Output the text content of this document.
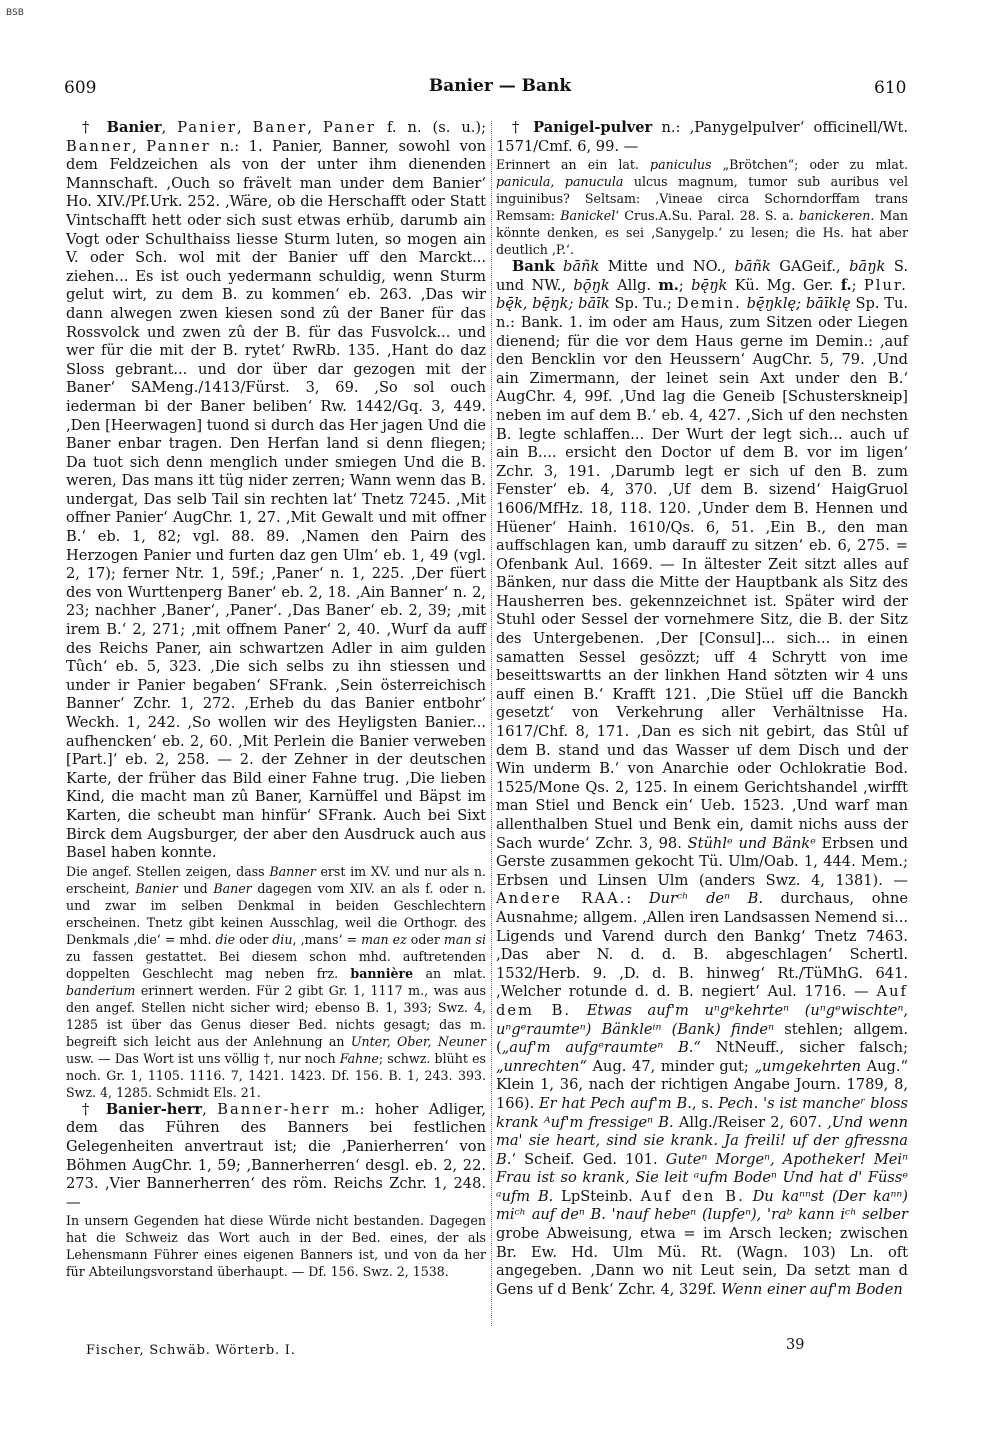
BSB
609	Banier — Bank	610

† Banier, Panier, Baner, Paner f. n. (s. u.); Banner, Panner n.: 1. Panier, Banner, sowohl von dem Feldzeichen als von der unter ihm dienenden Mannschaft. ‚Ouch so frävelt man under dem Banier‘ Ho. XIV./Pf.Urk. 252. ‚Wäre, ob die Herschafft oder Statt Vintschafft hett oder sich sust etwas erhüb, darumb ain Vogt oder Schulthaiss liesse Sturm luten, so mogen ain V. oder Sch. wol mit der Banier uff den Marckt... ziehen... Es ist ouch yedermann schuldig, wenn Sturm gelut wirt, zu dem B. zu kommen‘ eb. 263. ‚Das wir dann alwegen zwen kiesen sond zû der Baner für das Rossvolck und zwen zû der B. für das Fusvolck... und wer für die mit der B. rytet‘ RwRb. 135. ‚Hant do daz Sloss gebrant... und dor über dar gezogen mit der Baner‘ SAMeng./1413/Fürst. 3, 69. ‚So sol ouch iederman bi der Baner beliben‘ Rw. 1442/Gq. 3, 449. ‚Den [Heerwagen] tuond si durch das Her jagen Und die Baner enbar tragen. Den Herfan land si denn fliegen; Da tuot sich denn menglich under smiegen Und die B. weren, Das mans itt tüg nider zerren; Wann wenn das B. undergat, Das selb Tail sin rechten lat‘ Tnetz 7245. ‚Mit offner Panier‘ AugChr. 1, 27. ‚Mit Gewalt und mit offner B.‘ eb. 1, 82; vgl. 88. 89. ‚Namen den Pairn des Herzogen Panier und furten daz gen Ulm‘ eb. 1, 49 (vgl. 2, 17); ferner Ntr. 1, 59f.; ‚Paner‘ n. 1, 225. ‚Der füert des von Wurttenperg Baner‘ eb. 2, 18. ‚Ain Banner‘ n. 2, 23; nachher ‚Baner‘, ‚Paner‘. ‚Das Baner‘ eb. 2, 39; ‚mit irem B.‘ 2, 271; ‚mit offnem Paner‘ 2, 40. ‚Wurf da auff des Reichs Paner, ain schwartzen Adler in aim gulden Tûch‘ eb. 5, 323. ‚Die sich selbs zu ihn stiessen und under ir Panier begaben‘ SFrank. ‚Sein österreichisch Banner‘ Zchr. 1, 272. ‚Erheb du das Banier entbohr‘ Weckh. 1, 242. ‚So wollen wir des Heyligsten Banier... aufhencken‘ eb. 2, 60. ‚Mit Perlein die Banier verweben [Part.]‘ eb. 2, 258. — 2. der Zehner in der deutschen Karte, der früher das Bild einer Fahne trug. ‚Die lieben Kind, die macht man zû Baner, Karnüffel und Bäpst im Karten, die scheubt man hinfür‘ SFrank. Auch bei Sixt Birck dem Augsburger, der aber den Ausdruck auch aus Basel haben konnte.

Die angef. Stellen zeigen, dass Banner erst im XV. und nur als n. erscheint, Banier und Baner dagegen vom XIV. an als f. oder n. und zwar im selben Denkmal in beiden Geschlechtern erscheinen. Tnetz gibt keinen Ausschlag, weil die Orthogr. des Denkmals ‚die‘ = mhd. die oder diu, ‚mans‘ = man ez oder man si zu fassen gestattet. Bei diesem schon mhd. auftretenden doppelten Geschlecht mag neben frz. bannière an mlat. banderium erinnert werden. Für 2 gibt Gr. 1, 1117 m., was aus den angef. Stellen nicht sicher wird; ebenso B. 1, 393; Swz. 4, 1285 ist über das Genus dieser Bed. nichts gesagt; das m. begreift sich leicht aus der Anlehnung an Unter, Ober, Neuner usw. — Das Wort ist uns völlig †, nur noch Fahne; schwz. blüht es noch. Gr. 1, 1105. 1116. 7, 1421. 1423. Df. 156. B. 1, 243. 393. Swz. 4, 1285. Schmidt Els. 21.

† Banier-herr, Banner-herr m.: hoher Adliger, dem das Führen des Banners bei festlichen Gelegenheiten anvertraut ist; die ‚Panierherren‘ von Böhmen AugChr. 1, 59; ‚Bannerherren‘ desgl. eb. 2, 22. 273. ‚Vier Bannerherren‘ des röm. Reichs Zchr. 1, 248. —

In unsern Gegenden hat diese Würde nicht bestanden. Dagegen hat die Schweiz das Wort auch in der Bed. eines, der als Lehensmann Führer eines eigenen Banners ist, und von da her für Abteilungsvorstand überhaupt. — Df. 156. Swz. 2, 1538.

† Panigel-pulver n.: ‚Panygelpulver‘ officinell/Wt. 1571/Cmf. 6, 99. —

Erinnert an ein lat. paniculus „Brötchen“; oder zu mlat. panicula, panucula ulcus magnum, tumor sub auribus vel inguinibus? Seltsam: ‚Vineae circa Schorndorffam trans Remsam: Banickel‘ Crus.A.Su. Paral. 28. S. a. banickeren. Man könnte denken, es sei ‚Sanygelp.‘ zu lesen; die Hs. hat aber deutlich ‚P.‘.

Bank bāñk Mitte und NO., bāñk GAGeif., bāŋk S. und NW., bǭŋk Allg. m.; bę̄ŋk Kü. Mg. Ger. f.; Plur. bę̄k, bę̄ŋk; bāīk Sp. Tu.; Demin. bę̄ŋklę; bāīklę Sp. Tu. n.: Bank. 1. im oder am Haus, zum Sitzen oder Liegen dienend; für die vor dem Haus gerne im Demin.: ‚auf den Bencklin vor den Heussern‘ AugChr. 5, 79. ‚Und ain Zimermann, der leinet sein Axt under den B.‘ AugChr. 4, 99f. ‚Und lag die Geneib [Schusterskneip] neben im auf dem B.‘ eb. 4, 427. ‚Sich uf den nechsten B. legte schlaffen... Der Wurt der legt sich... auch uf ain B.... ersicht den Doctor uf dem B. vor im ligen‘ Zchr. 3, 191. ‚Darumb legt er sich uf den B. zum Fenster‘ eb. 4, 370. ‚Uf dem B. sizend‘ HaigGruol 1606/MfHz. 18, 118. 120. ‚Under dem B. Hennen und Hüener‘ Hainh. 1610/Qs. 6, 51. ‚Ein B., den man auffschlagen kan, umb darauff zu sitzen‘ eb. 6, 275. = Ofenbank Aul. 1669. — In ältester Zeit sitzt alles auf Bänken, nur dass die Mitte der Hauptbank als Sitz des Hausherren bes. gekennzeichnet ist. Später wird der Stuhl oder Sessel der vornehmere Sitz, die B. der Sitz des Untergebenen. ‚Der [Consul]... sich... in einen samatten Sessel gesözzt; uff 4 Schrytt von ime beseittswartts an der linkhen Hand sötzten wir 4 uns auff einen B.‘ Krafft 121. ‚Die Stüel uff die Banckh gesetzt‘ von Verkehrung aller Verhältnisse Ha. 1617/Chf. 8, 171. ‚Dan es sich nit gebirt, das Stûl uf dem B. stand und das Wasser uf dem Disch und der Win underm B.‘ von Anarchie oder Ochlokratie Bod. 1525/Mone Qs. 2, 125. In einem Gerichtshandel ‚wirfft man Stiel und Benck ein‘ Ueb. 1523. ‚Und warf man allenthalben Stuel und Benk ein, damit nichs auss der Sach wurde‘ Zchr. 3, 98. Stühlᵉ und Bänkᵉ Erbsen und Gerste zusammen gekocht Tü. Ulm/Oab. 1, 444. Mem.; Erbsen und Linsen Ulm (anders Swz. 4, 1381). — Andere RAA.: Durᶜʰ deⁿ B. durchaus, ohne Ausnahme; allgem. ‚Allen iren Landsassen Nemend si... Ligends und Varend durch den Bankg‘ Tnetz 7463. ‚Das aber N. d. d. B. abgeschlagen‘ Schertl. 1532/Herb. 9. ‚D. d. B. hinweg‘ Rt./TüMhG. 641. ‚Welcher rotunde d. d. B. negiert‘ Aul. 1716. — Auf dem B. Etwas auf'm uⁿgᵉkehrteⁿ (uⁿgᵉwischteⁿ, uⁿgᵉraumteⁿ) Bänkleⁱⁿ (Bank) findeⁿ stehlen; allgem. („auf'm aufgᵉraumteⁿ B.“ NtNeuff., sicher falsch; „unrechten“ Aug. 47, minder gut; „umgekehrten Aug.“ Klein 1, 36, nach der richtigen Angabe Journ. 1789, 8, 166). Er hat Pech auf'm B., s. Pech. 's ist mancheʳ bloss krank ᴬuf'm fressigeⁿ B. Allg./Reiser 2, 607. ‚Und wenn ma' sie heart, sind sie krank. Ja freili! uf der gfressna B.‘ Scheif. Ged. 101. Guteⁿ Morgeⁿ, Apotheker! Meiⁿ Frau ist so krank, Sie leit ᵃufm Bodeⁿ Und hat d' Füssᵉ ᵃufm B. LpSteinb. Auf den B. Du kaⁿⁿst (Der kaⁿⁿ) miᶜʰ auf deⁿ B. 'nauf hebeⁿ (lupfeⁿ), 'raᵇ kann iᶜʰ selber grobe Abweisung, etwa = im Arsch lecken; zwischen Br. Ew. Hd. Ulm Mü. Rt. (Wagn. 103) Ln. oft angegeben. ‚Dann wo nit Leut sein, Da setzt man d Gens uf d Benk‘ Zchr. 4, 329f. Wenn einer auf'm Boden

Fischer, Schwäb. Wörterb. I.	39
